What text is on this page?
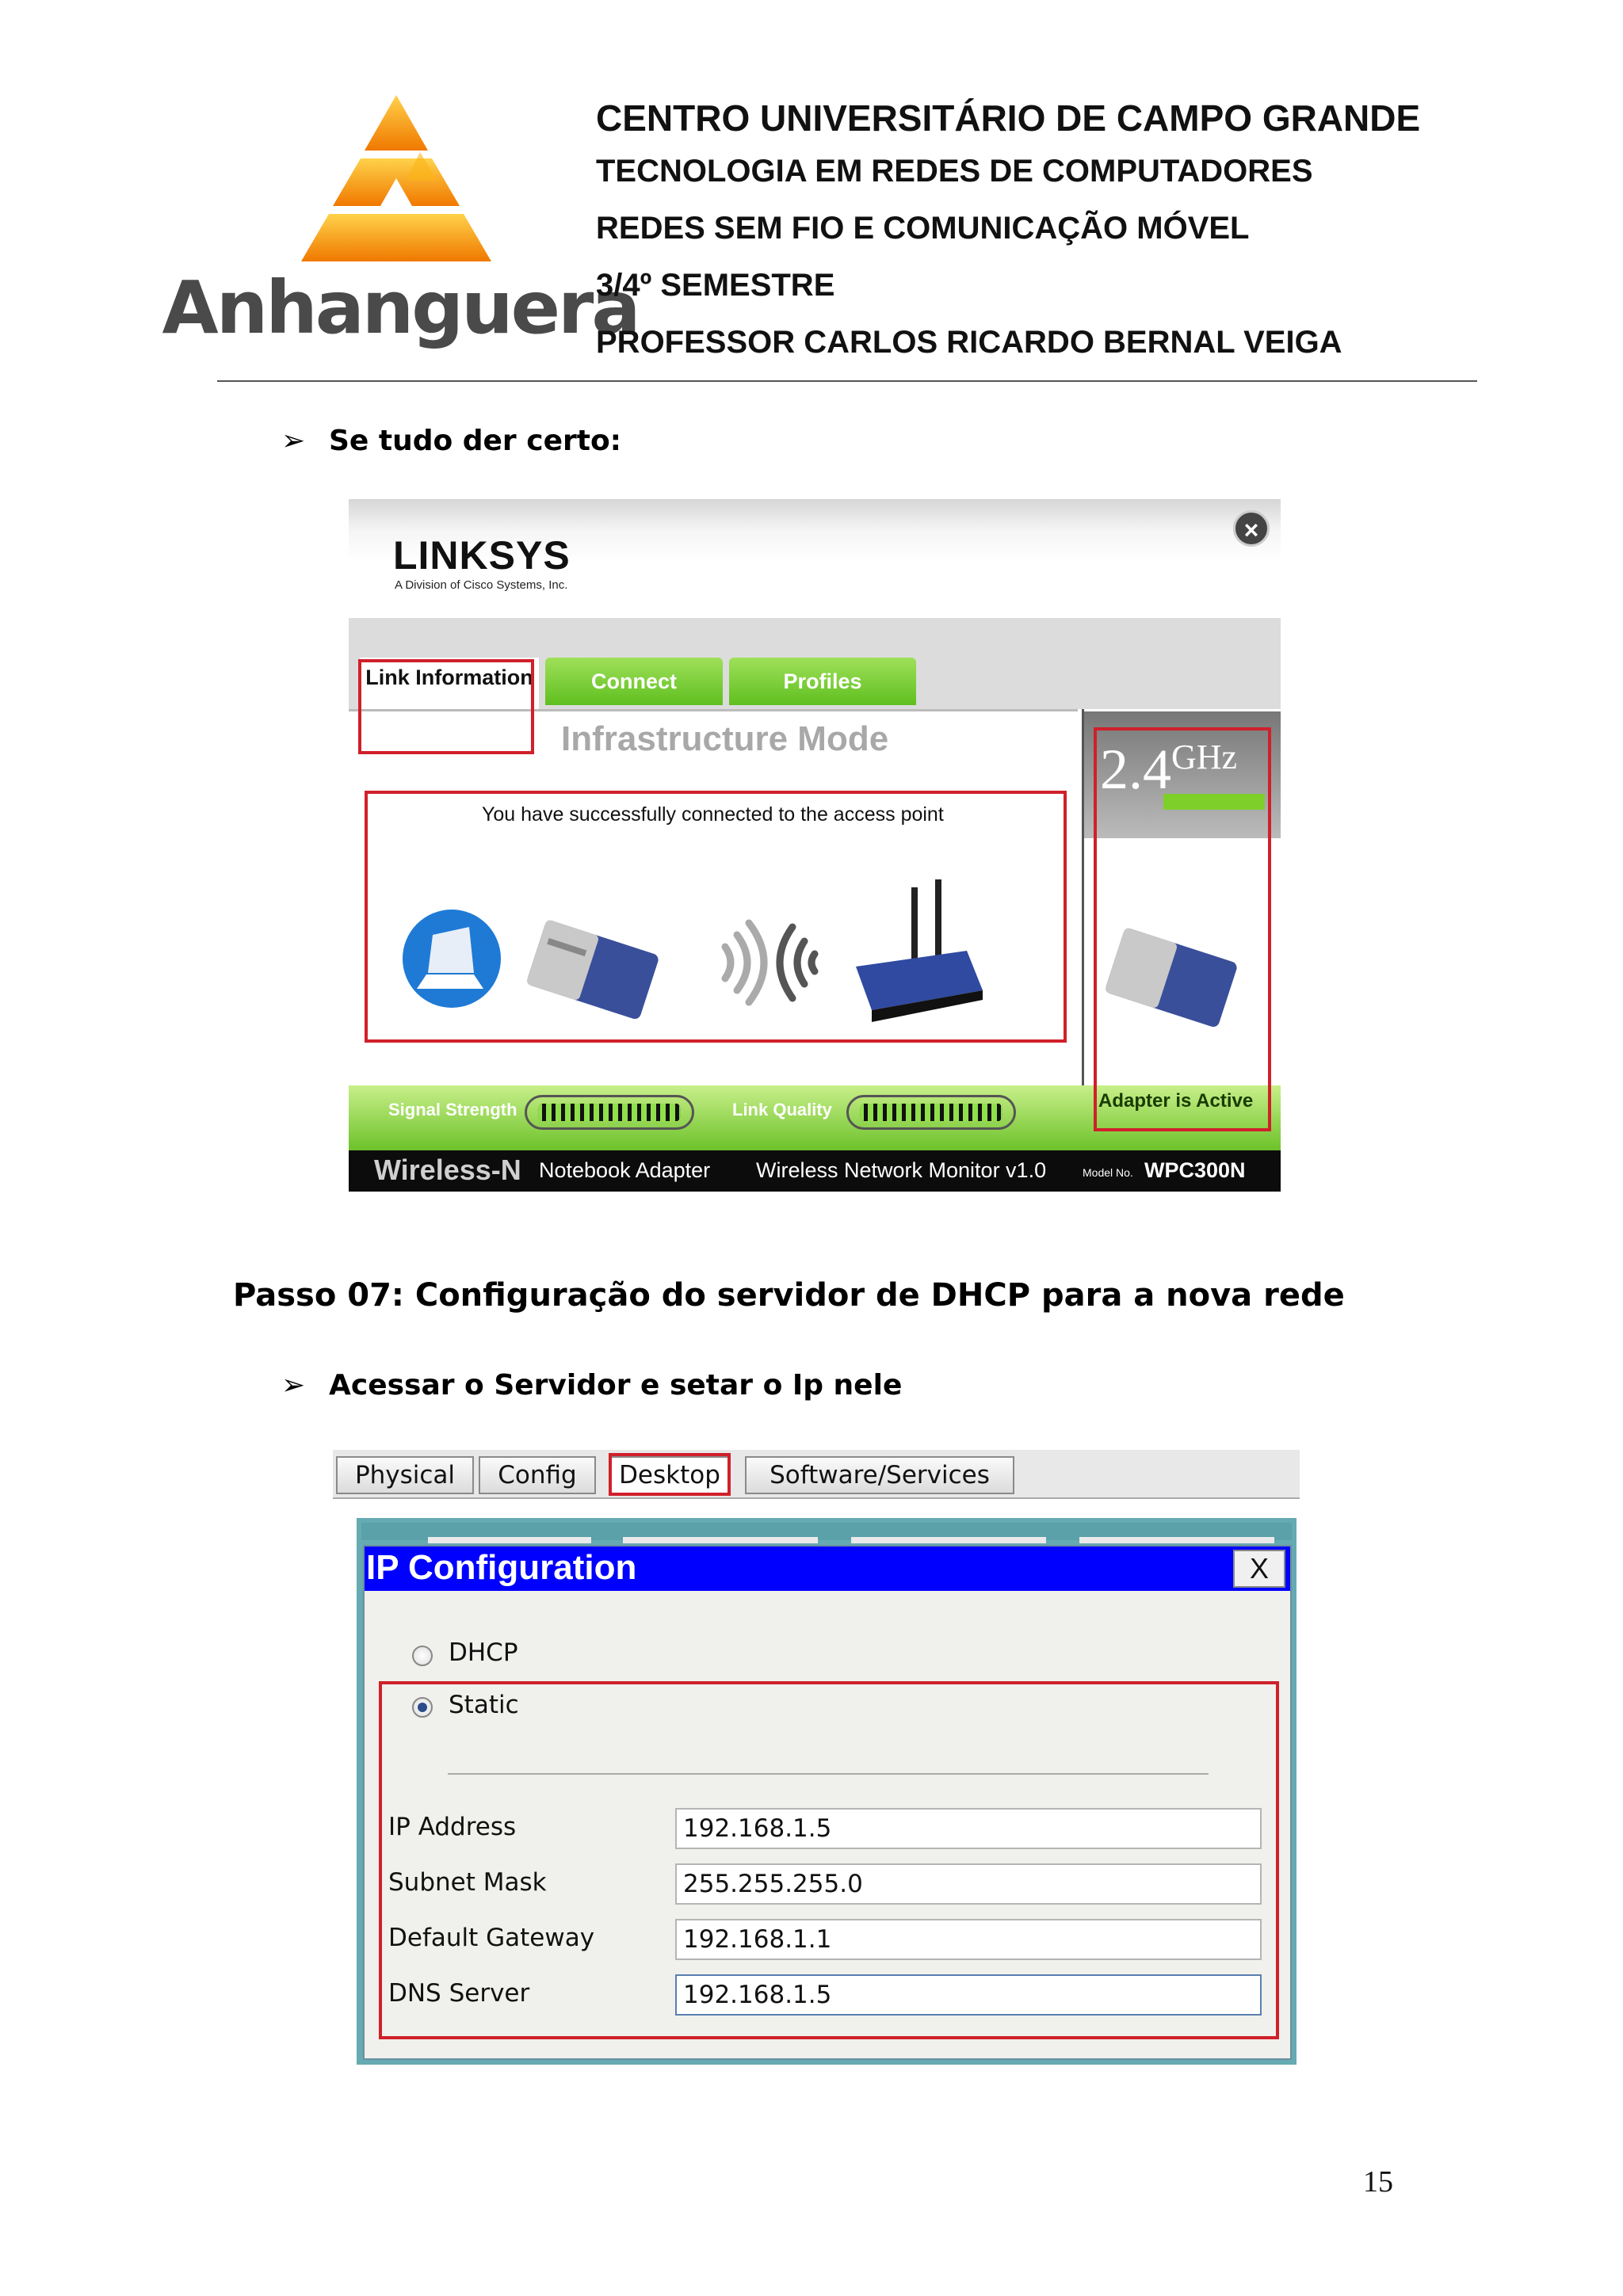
Anhanguera
CENTRO UNIVERSITÁRIO DE CAMPO GRANDE
TECNOLOGIA EM REDES DE COMPUTADORES
REDES SEM FIO E COMUNICAÇÃO MÓVEL
3/4º SEMESTRE
PROFESSOR CARLOS RICARDO BERNAL VEIGA
➢ Se tudo der certo:
LINKSYS
A Division of Cisco Systems, Inc.
×
Link Information	Connect	Profiles
Infrastructure Mode
You have successfully connected to the access point
$2.4^{GHz}$
Signal Strength	Link Quality	Adapter is Active
Wireless-N Notebook Adapter Wireless Network Monitor v1.0	Model No. WPC300N
Passo 07: Configuração do servidor de DHCP para a nova rede
➢ Acessar o Servidor e setar o Ip nele
Physical	Config	Desktop	Software/Services
IP Configuration	X
DHCP
Static
IP Address	192.168.1.5
Subnet Mask	255.255.255.0
Default Gateway	192.168.1.1
DNS Server	192.168.1.5
15
